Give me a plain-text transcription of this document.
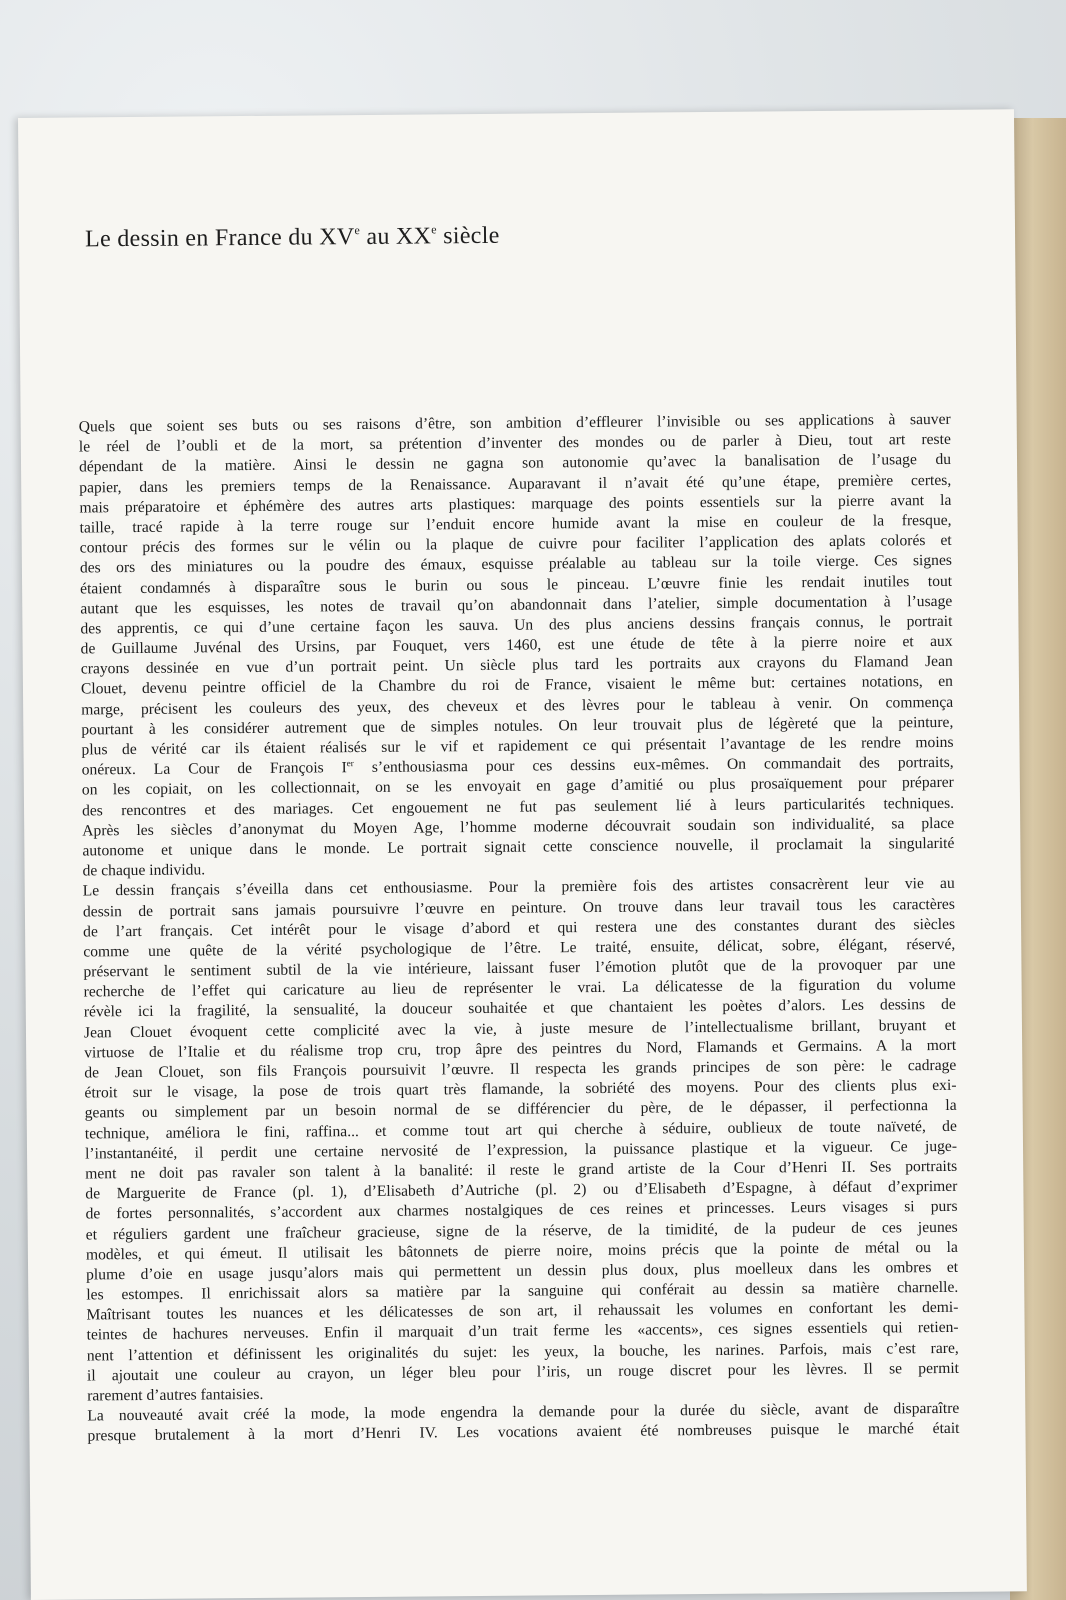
Le dessin en France du XVe au XXe siècle
Quels que soient ses buts ou ses raisons d’être, son ambition d’effleurer l’invisible ou ses applications à sauver
le réel de l’oubli et de la mort, sa prétention d’inventer des mondes ou de parler à Dieu, tout art reste
dépendant de la matière. Ainsi le dessin ne gagna son autonomie qu’avec la banalisation de l’usage du
papier, dans les premiers temps de la Renaissance. Auparavant il n’avait été qu’une étape, première certes,
mais préparatoire et éphémère des autres arts plastiques: marquage des points essentiels sur la pierre avant la
taille, tracé rapide à la terre rouge sur l’enduit encore humide avant la mise en couleur de la fresque,
contour précis des formes sur le vélin ou la plaque de cuivre pour faciliter l’application des aplats colorés et
des ors des miniatures ou la poudre des émaux, esquisse préalable au tableau sur la toile vierge. Ces signes
étaient condamnés à disparaître sous le burin ou sous le pinceau. L’œuvre finie les rendait inutiles tout
autant que les esquisses, les notes de travail qu’on abandonnait dans l’atelier, simple documentation à l’usage
des apprentis, ce qui d’une certaine façon les sauva. Un des plus anciens dessins français connus, le portrait
de Guillaume Juvénal des Ursins, par Fouquet, vers 1460, est une étude de tête à la pierre noire et aux
crayons dessinée en vue d’un portrait peint. Un siècle plus tard les portraits aux crayons du Flamand Jean
Clouet, devenu peintre officiel de la Chambre du roi de France, visaient le même but: certaines notations, en
marge, précisent les couleurs des yeux, des cheveux et des lèvres pour le tableau à venir. On commença
pourtant à les considérer autrement que de simples notules. On leur trouvait plus de légèreté que la peinture,
plus de vérité car ils étaient réalisés sur le vif et rapidement ce qui présentait l’avantage de les rendre moins
onéreux. La Cour de François Ier s’enthousiasma pour ces dessins eux-mêmes. On commandait des portraits,
on les copiait, on les collectionnait, on se les envoyait en gage d’amitié ou plus prosaïquement pour préparer
des rencontres et des mariages. Cet engouement ne fut pas seulement lié à leurs particularités techniques.
Après les siècles d’anonymat du Moyen Age, l’homme moderne découvrait soudain son individualité, sa place
autonome et unique dans le monde. Le portrait signait cette conscience nouvelle, il proclamait la singularité
de chaque individu.
Le dessin français s’éveilla dans cet enthousiasme. Pour la première fois des artistes consacrèrent leur vie au
dessin de portrait sans jamais poursuivre l’œuvre en peinture. On trouve dans leur travail tous les caractères
de l’art français. Cet intérêt pour le visage d’abord et qui restera une des constantes durant des siècles
comme une quête de la vérité psychologique de l’être. Le traité, ensuite, délicat, sobre, élégant, réservé,
préservant le sentiment subtil de la vie intérieure, laissant fuser l’émotion plutôt que de la provoquer par une
recherche de l’effet qui caricature au lieu de représenter le vrai. La délicatesse de la figuration du volume
révèle ici la fragilité, la sensualité, la douceur souhaitée et que chantaient les poètes d’alors. Les dessins de
Jean Clouet évoquent cette complicité avec la vie, à juste mesure de l’intellectualisme brillant, bruyant et
virtuose de l’Italie et du réalisme trop cru, trop âpre des peintres du Nord, Flamands et Germains. A la mort
de Jean Clouet, son fils François poursuivit l’œuvre. Il respecta les grands principes de son père: le cadrage
étroit sur le visage, la pose de trois quart très flamande, la sobriété des moyens. Pour des clients plus exi-
geants ou simplement par un besoin normal de se différencier du père, de le dépasser, il perfectionna la
technique, améliora le fini, raffina... et comme tout art qui cherche à séduire, oublieux de toute naïveté, de
l’instantanéité, il perdit une certaine nervosité de l’expression, la puissance plastique et la vigueur. Ce juge-
ment ne doit pas ravaler son talent à la banalité: il reste le grand artiste de la Cour d’Henri II. Ses portraits
de Marguerite de France (pl. 1), d’Elisabeth d’Autriche (pl. 2) ou d’Elisabeth d’Espagne, à défaut d’exprimer
de fortes personnalités, s’accordent aux charmes nostalgiques de ces reines et princesses. Leurs visages si purs
et réguliers gardent une fraîcheur gracieuse, signe de la réserve, de la timidité, de la pudeur de ces jeunes
modèles, et qui émeut. Il utilisait les bâtonnets de pierre noire, moins précis que la pointe de métal ou la
plume d’oie en usage jusqu’alors mais qui permettent un dessin plus doux, plus moelleux dans les ombres et
les estompes. Il enrichissait alors sa matière par la sanguine qui conférait au dessin sa matière charnelle.
Maîtrisant toutes les nuances et les délicatesses de son art, il rehaussait les volumes en confortant les demi-
teintes de hachures nerveuses. Enfin il marquait d’un trait ferme les «accents», ces signes essentiels qui retien-
nent l’attention et définissent les originalités du sujet: les yeux, la bouche, les narines. Parfois, mais c’est rare,
il ajoutait une couleur au crayon, un léger bleu pour l’iris, un rouge discret pour les lèvres. Il se permit
rarement d’autres fantaisies.
La nouveauté avait créé la mode, la mode engendra la demande pour la durée du siècle, avant de disparaître
presque brutalement à la mort d’Henri IV. Les vocations avaient été nombreuses puisque le marché était
